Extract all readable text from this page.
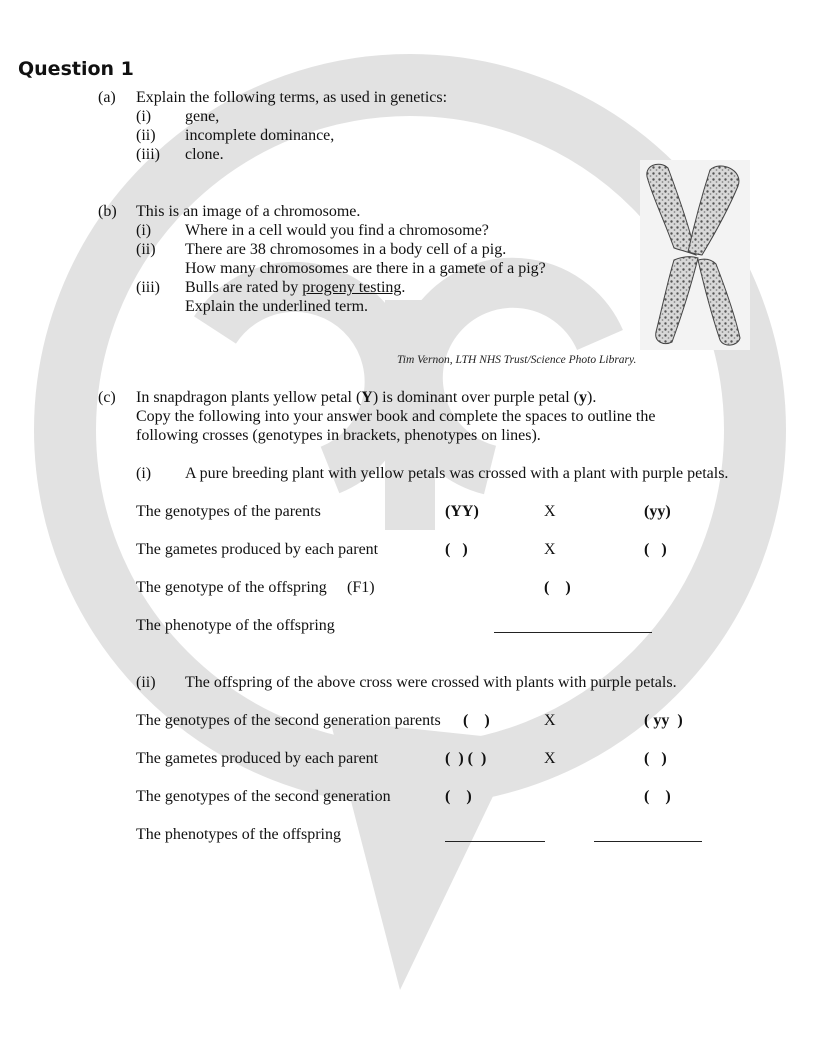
Question 1
(a) Explain the following terms, as used in genetics:
(i) gene,
(ii) incomplete dominance,
(iii) clone.
(b) This is an image of a chromosome.
(i) Where in a cell would you find a chromosome?
(ii) There are 38 chromosomes in a body cell of a pig.
How many chromosomes are there in a gamete of a pig?
(iii) Bulls are rated by progeny testing.
Explain the underlined term.
Tim Vernon, LTH NHS Trust/Science Photo Library.
(c) In snapdragon plants yellow petal (Y) is dominant over purple petal (y).
Copy the following into your answer book and complete the spaces to outline the
following crosses (genotypes in brackets, phenotypes on lines).
(i) A pure breeding plant with yellow petals was crossed with a plant with purple petals.
The genotypes of the parents	(YY)	X	(yy)
The gametes produced by each parent	(   )	X	(   )
The genotype of the offspring (F1)	(    )
The phenotype of the offspring
(ii) The offspring of the above cross were crossed with plants with purple petals.
The genotypes of the second generation parents (    )	X	( yy  )
The gametes produced by each parent	(  ) (  )	X	(   )
The genotypes of the second generation	(    )	(    )
The phenotypes of the offspring
